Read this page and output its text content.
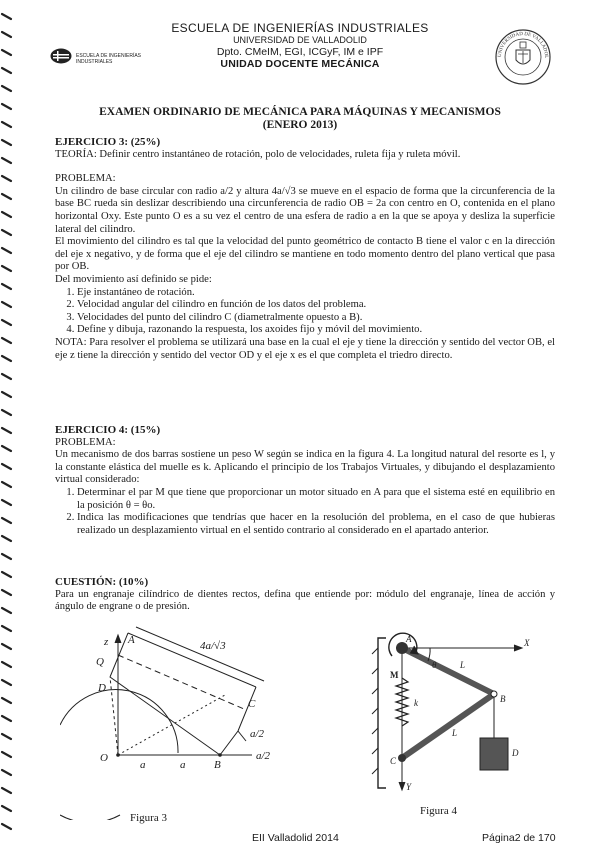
ESCUELA DE INGENIERÍAS
INDUSTRIALES
ESCUELA DE INGENIERÍAS INDUSTRIALES
UNIVERSIDAD DE VALLADOLID
Dpto. CMeIM, EGI, ICGyF, IM e IPF
UNIDAD DOCENTE MECÁNICA
UNIVERSIDAD DE VALLADOL
EXAMEN ORDINARIO DE MECÁNICA PARA MÁQUINAS Y MECANISMOS
(ENERO 2013)
EJERCICIO 3: (25%)

TEORÍA: Definir centro instantáneo de rotación, polo de velocidades, ruleta fija y ruleta móvil.

PROBLEMA:

Un cilindro de base circular con radio a/2 y altura 4a/√3 se mueve en el espacio de forma que la circunferencia de la base BC rueda sin deslizar describiendo una circunferencia de radio OB = 2a con centro en O, contenida en el plano horizontal Oxy. Este punto O es a su vez el centro de una esfera de radio a en la que se apoya y desliza la superficie lateral del cilindro.

El movimiento del cilindro es tal que la velocidad del punto geométrico de contacto B tiene el valor c en la dirección del eje x negativo, y de forma que el eje del cilindro se mantiene en todo momento dentro del plano vertical que pasa por OB.

Del movimiento así definido se pide:

1. Eje instantáneo de rotación.
2. Velocidad angular del cilindro en función de los datos del problema.
3. Velocidades del punto del cilindro C (diametralmente opuesto a B).
4. Define y dibuja, razonando la respuesta, los axoides fijo y móvil del movimiento.

NOTA: Para resolver el problema se utilizará una base en la cual el eje y tiene la dirección y sentido del vector OB, el eje z tiene la dirección y sentido del vector OD y el eje x es el que completa el triedro directo.

EJERCICIO 4: (15%)

PROBLEMA:

Un mecanismo de dos barras sostiene un peso W según se indica en la figura 4. La longitud natural del resorte es l, y la constante elástica del muelle es k. Aplicando el principio de los Trabajos Virtuales, y dibujando el desplazamiento virtual considerado:

1. Determinar el par M que tiene que proporcionar un motor situado en A para que el sistema esté en equilibrio en la posición θ = θo.
2. Indica las modificaciones que tendrías que hacer en la resolución del problema, en el caso de que hubieras realizado un desplazamiento virtual en el sentido contrario al considerado en el apartado anterior.
CUESTIÓN: (10%)

Para un engranaje cilíndrico de dientes rectos, defina que entiende por: módulo del engranaje, línea de acción y ángulo de engrane o de presión.

z A
Q
D
C
O
B
a	a
4a/√3
a/2
a/2
Figura 3
A	X
θ
M
L
L
B
k
C
Y
D
Figura 4
EII Valladolid 2014	Página2 de 170
